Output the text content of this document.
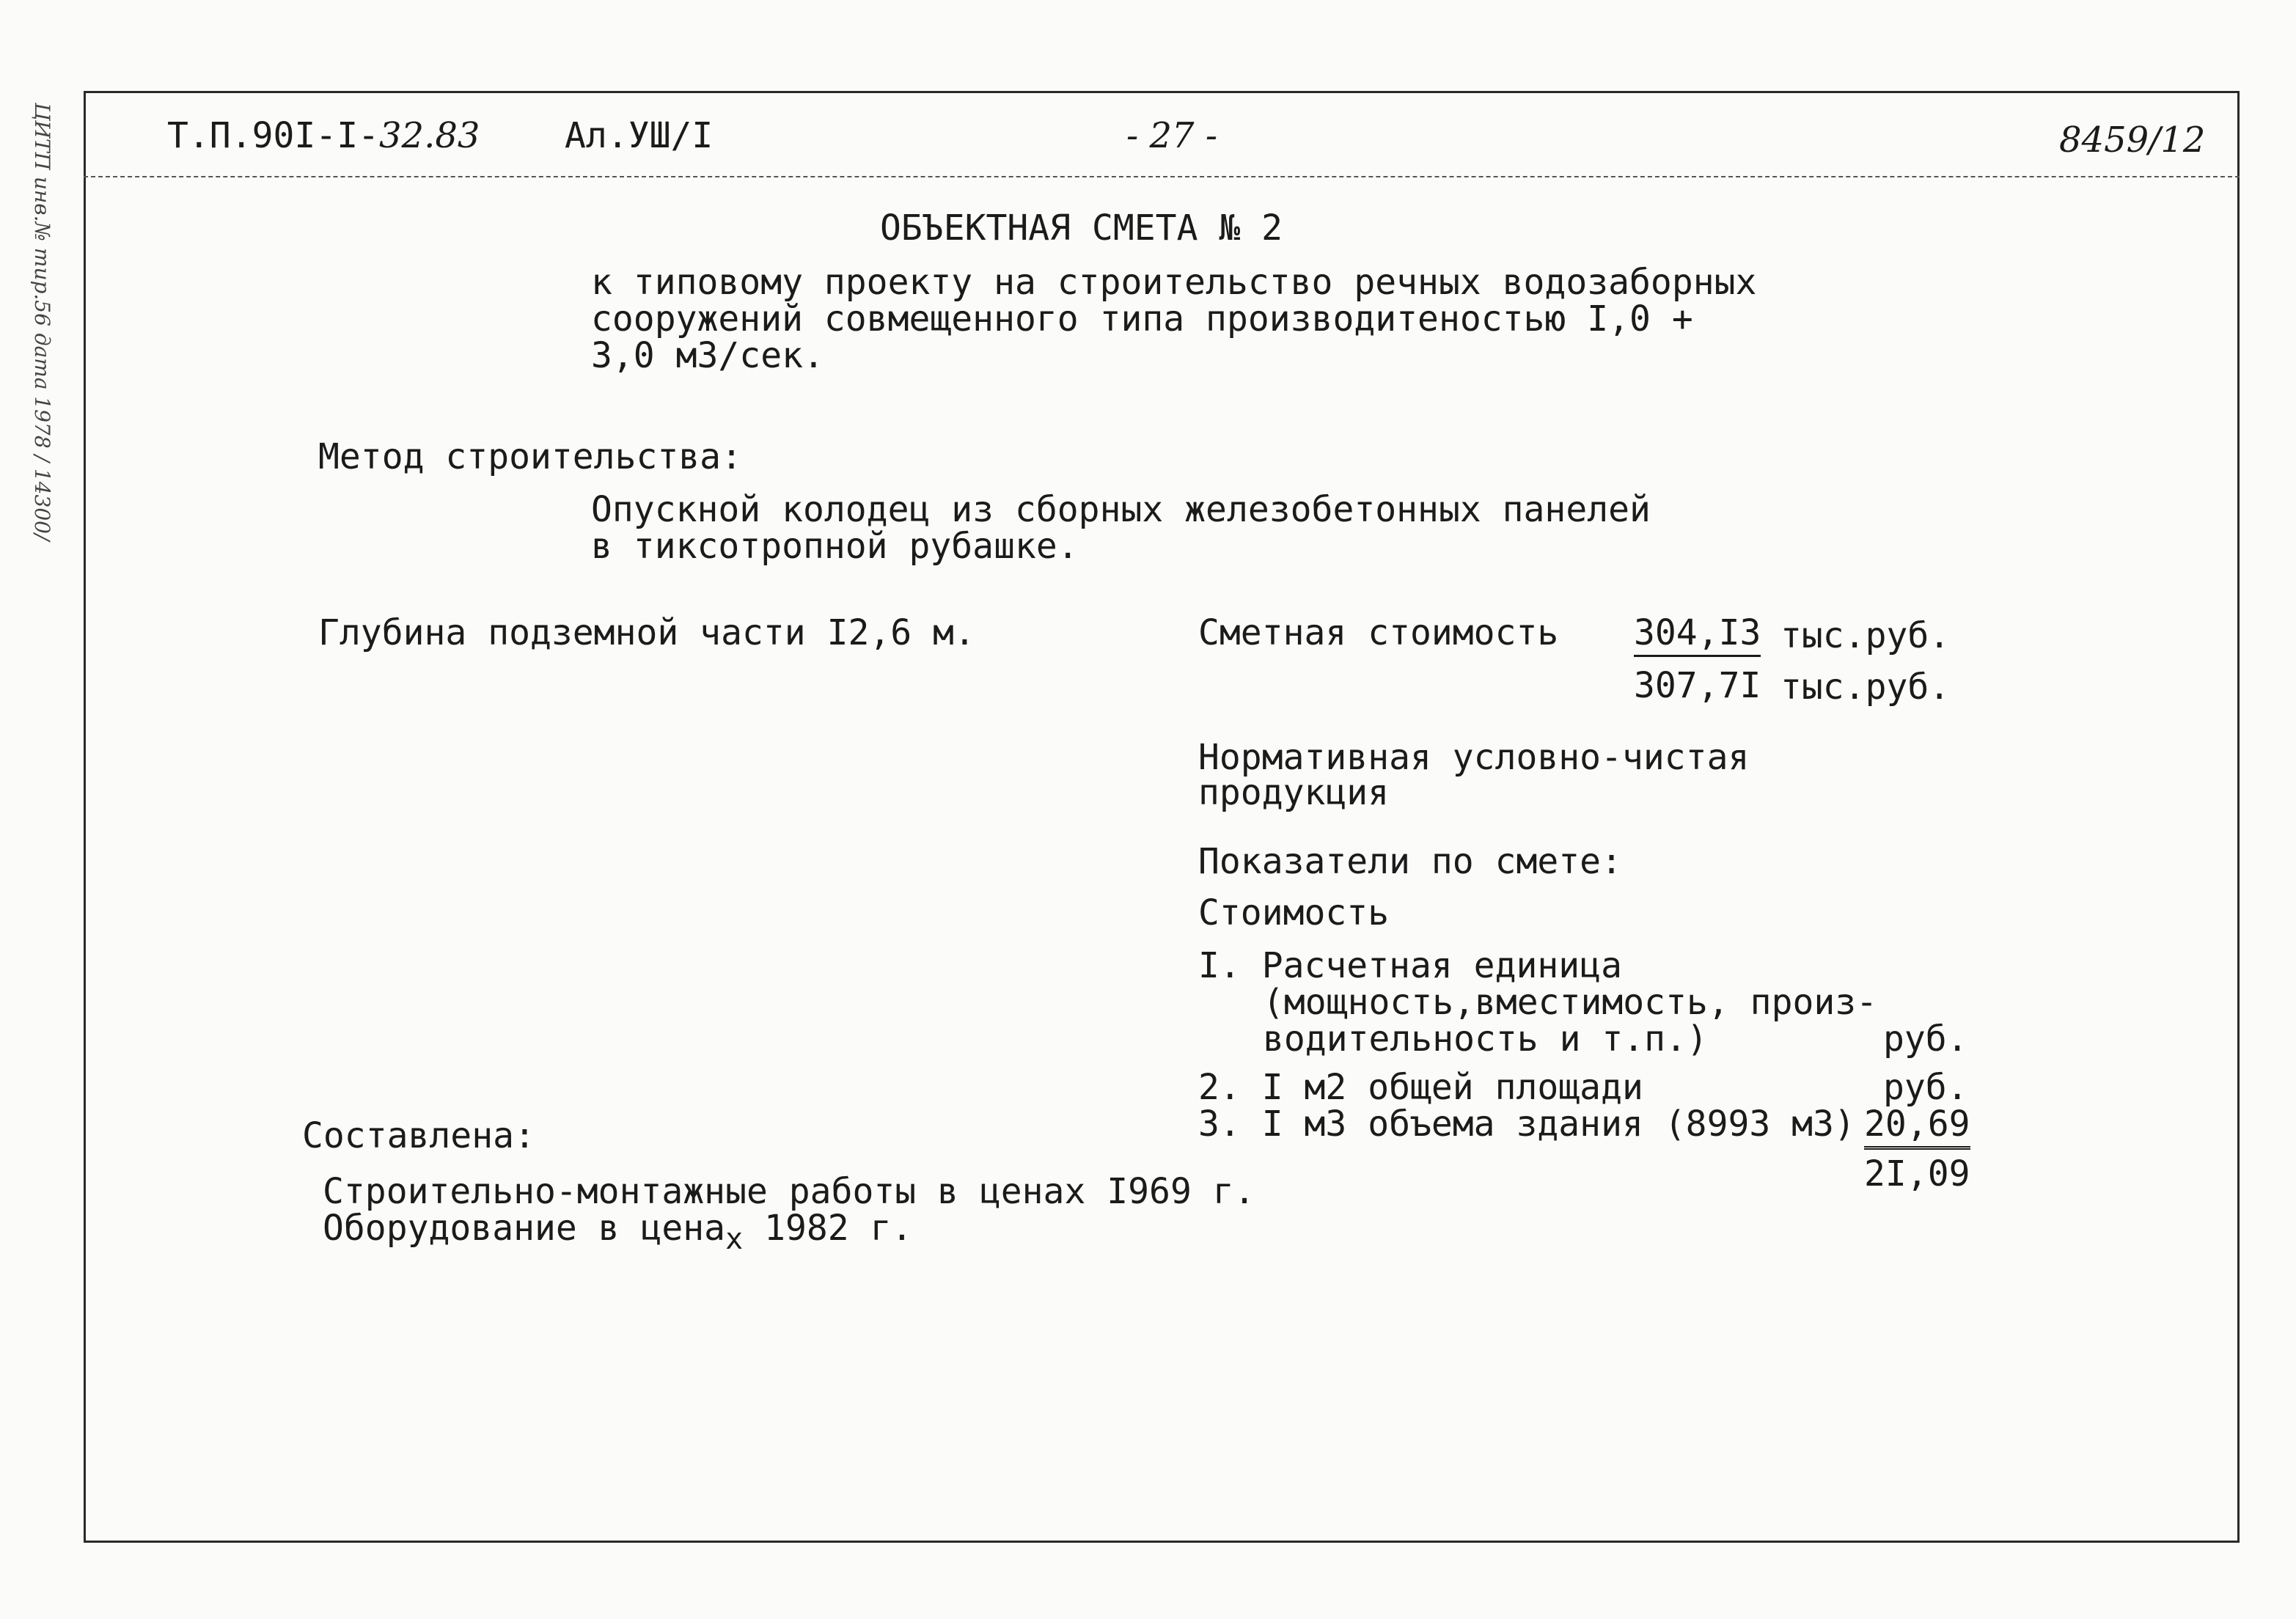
ЦИТП инв.№ тир.56 дата 1978 / 14300/	Т.П.90I-I-32.83 Ал.УШ/I	- 27 -	8459/12
ОБЪЕКТНАЯ СМЕТА № 2
к типовому проекту на строительство речных водозаборных
сооружений совмещенного типа производитеностью I,0 +
3,0 м3/сек.
Метод строительства:
Опускной колодец из сборных железобетонных панелей
в тиксотропной рубашке.
Глубина подземной части I2,6 м.	Сметная стоимость 304,I3 тыс.руб.
307,7I тыс.руб.
Нормативная условно-чистая
продукция
Показатели по смете:
Стоимость
I. Расчетная единица
(мощность,вместимость, произ-
водительность и т.п.)	руб.
2. I м2 общей площади	руб.
3. I м3 объема здания (8993 м3) 20,69
2I,09
Составлена:
Строительно-монтажные работы в ценах I969 г.
Оборудование в цена$_х$ 1982 г.
